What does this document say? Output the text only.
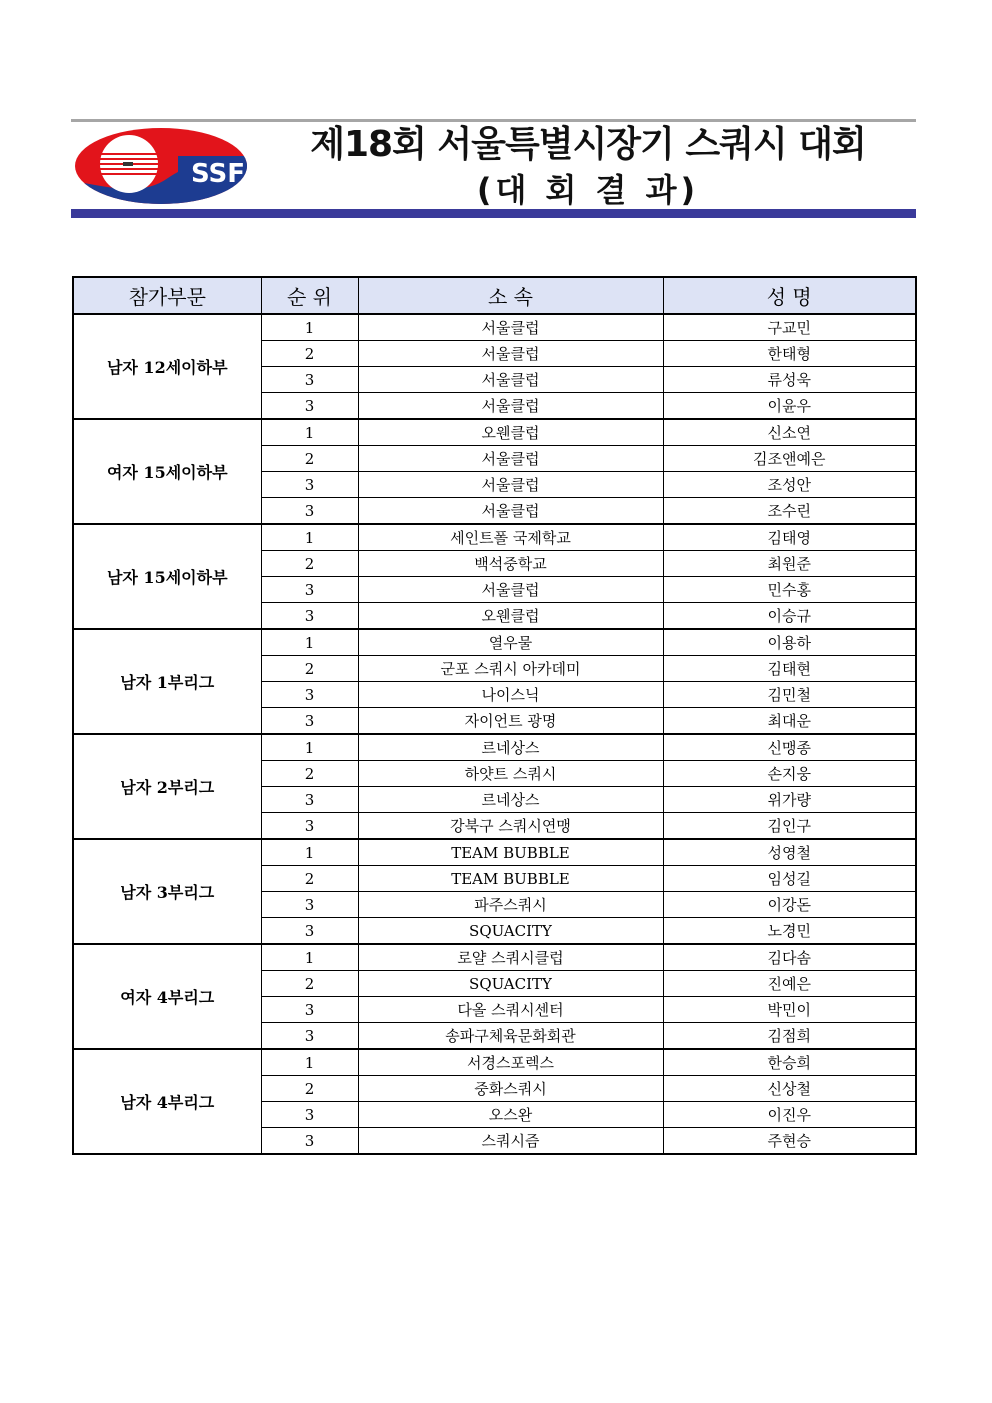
SSF
제18회 서울특별시장기 스쿼시 대회
(대 회 결 과)
참가부문	순 위	소 속	성 명
남자 12세이하부	1	서울클럽	구교민
	2	서울클럽	한태형
	3	서울클럽	류성욱
	3	서울클럽	이윤우
여자 15세이하부	1	오웬클럽	신소연
	2	서울클럽	김조앤예은
	3	서울클럽	조성안
	3	서울클럽	조수린
남자 15세이하부	1	세인트폴 국제학교	김태영
	2	백석중학교	최원준
	3	서울클럽	민수홍
	3	오웬클럽	이승규
남자 1부리그	1	열우물	이용하
	2	군포 스쿼시 아카데미	김태현
	3	나이스닉	김민철
	3	자이언트 광명	최대운
남자 2부리그	1	르네상스	신맹종
	2	하얏트 스쿼시	손지웅
	3	르네상스	위가량
	3	강북구 스쿼시연맹	김인구
남자 3부리그	1	TEAM BUBBLE	성영철
	2	TEAM BUBBLE	임성길
	3	파주스쿼시	이강돈
	3	SQUACITY	노경민
여자 4부리그	1	로얄 스쿼시클럽	김다솜
	2	SQUACITY	진예은
	3	다올 스쿼시센터	박민이
	3	송파구체육문화회관	김점희
남자 4부리그	1	서경스포렉스	한승희
	2	중화스쿼시	신상철
	3	오스완	이진우
	3	스쿼시즘	주현승
